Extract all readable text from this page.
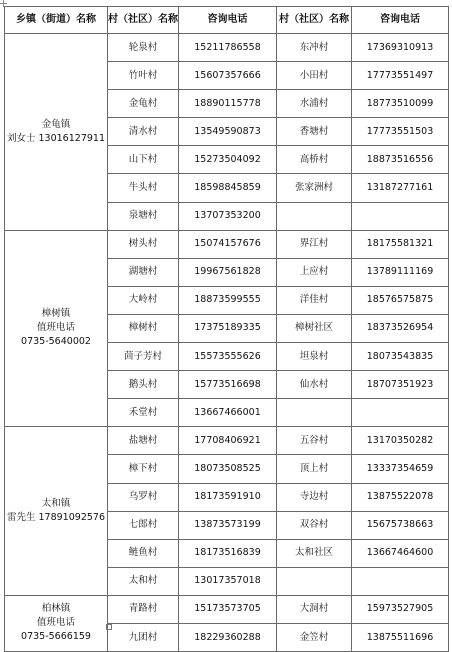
乡镇（街道）名称	村（社区）名称	咨询电话	村（社区）名称	咨询电话

金龟镇
刘女士 13016127911	轮泉村	15211786558	东冲村	17369310913
	竹叶村	15607357666	小田村	17773551497
	金龟村	18890115778	水浦村	18773510099
	清水村	13549590873	香塘村	17773551503
	山下村	15273504092	高桥村	18873516556
	牛头村	18598845859	张家洲村	13187277161
	泉塘村	13707353200		

樟树镇
值班电话
0735-5640002	树头村	15074157676	界江村	18175581321
	湖塘村	19967561828	上应村	13789111169
	大岭村	18873599555	洋佳村	18576575875
	樟树村	17375189335	樟树社区	18373526954
	茴子芳村	15573555626	坦泉村	18073543835
	鹅头村	15773516698	仙水村	18707351923
	禾堂村	13667466001		

太和镇
雷先生 17891092576	盐塘村	17708406921	五谷村	13170350282
	樟下村	18073508525	顶上村	13337354659
	乌罗村	18173591910	寺边村	13875522078
	七郎村	13873573199	双谷村	15675738663
	鲢鱼村	18173516839	太和社区	13667464600
	太和村	13017357018		

柏林镇
值班电话
0735-5666159	青路村	15173573705	大洞村	15973527905
	九团村	18229360288	金笠村	13875511696
